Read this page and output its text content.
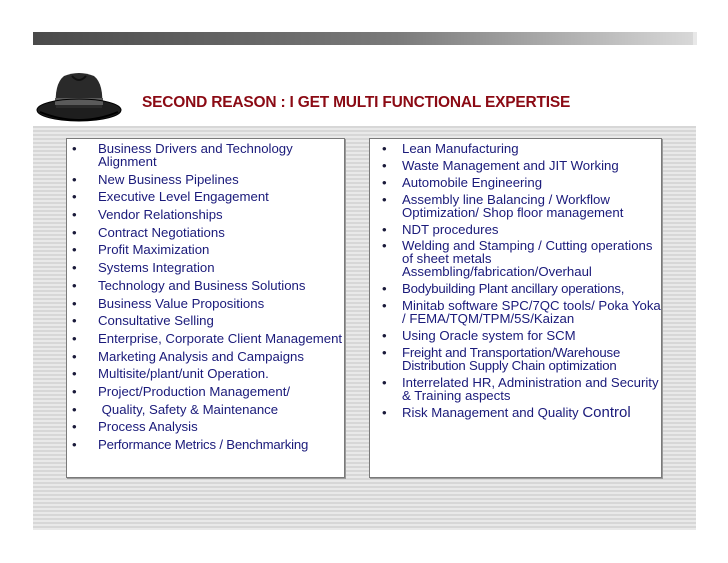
SECOND REASON : I GET MULTI FUNCTIONAL EXPERTISE
• Business Drivers and Technology Alignment
• New Business Pipelines
• Executive Level Engagement
• Vendor Relationships
• Contract Negotiations
• Profit Maximization
• Systems Integration
• Technology and Business Solutions
• Business Value Propositions
• Consultative Selling
• Enterprise, Corporate Client Management
• Marketing Analysis and Campaigns
• Multisite/plant/unit Operation.
• Project/Production Management/
• Quality, Safety & Maintenance
• Process Analysis
• Performance Metrics / Benchmarking
• Lean Manufacturing
• Waste Management and JIT Working
• Automobile Engineering
• Assembly line Balancing / Workflow Optimization/ Shop floor management
• NDT procedures
• Welding and Stamping / Cutting operations of sheet metals Assembling/fabrication/Overhaul
• Bodybuilding Plant ancillary operations,
• Minitab software SPC/7QC tools/ Poka Yoka / FEMA/TQM/TPM/5S/Kaizan
• Using Oracle system for SCM
• Freight and Transportation/Warehouse Distribution Supply Chain optimization
• Interrelated HR, Administration and Security & Training aspects
• Risk Management and Quality Control
